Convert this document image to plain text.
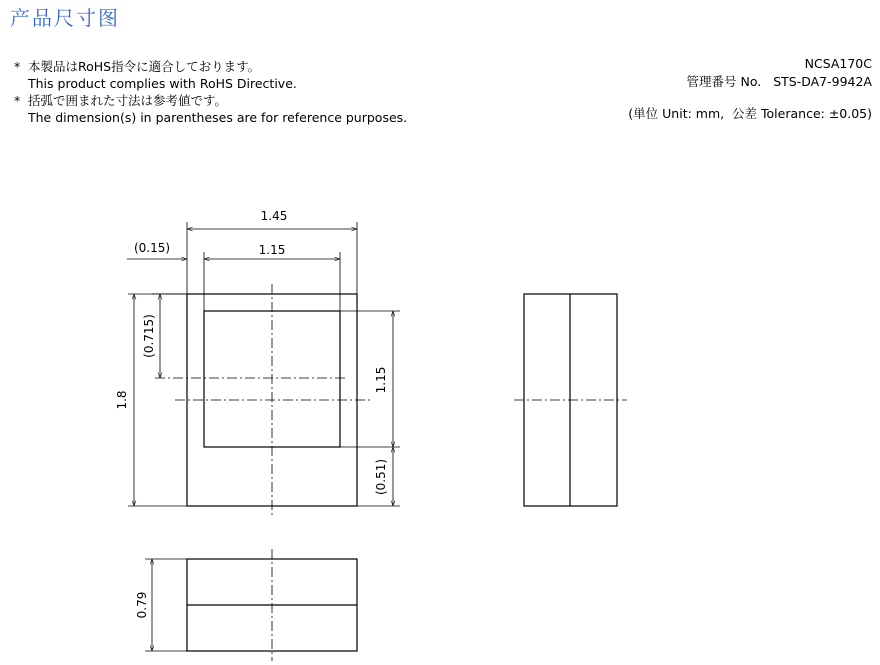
产品尺寸图
* 本製品はRoHS指令に適合しております。
This product complies with RoHS Directive.
* 括弧で囲まれた寸法は参考値です。
The dimension(s) in parentheses are for reference purposes.
NCSA170C
管理番号 No. STS-DA7-9942A
(単位 Unit: mm,  公差 Tolerance: ±0.05)
1.45
1.15
(0.15)
1.8
(0.715)
1.15
(0.51)
0.79
